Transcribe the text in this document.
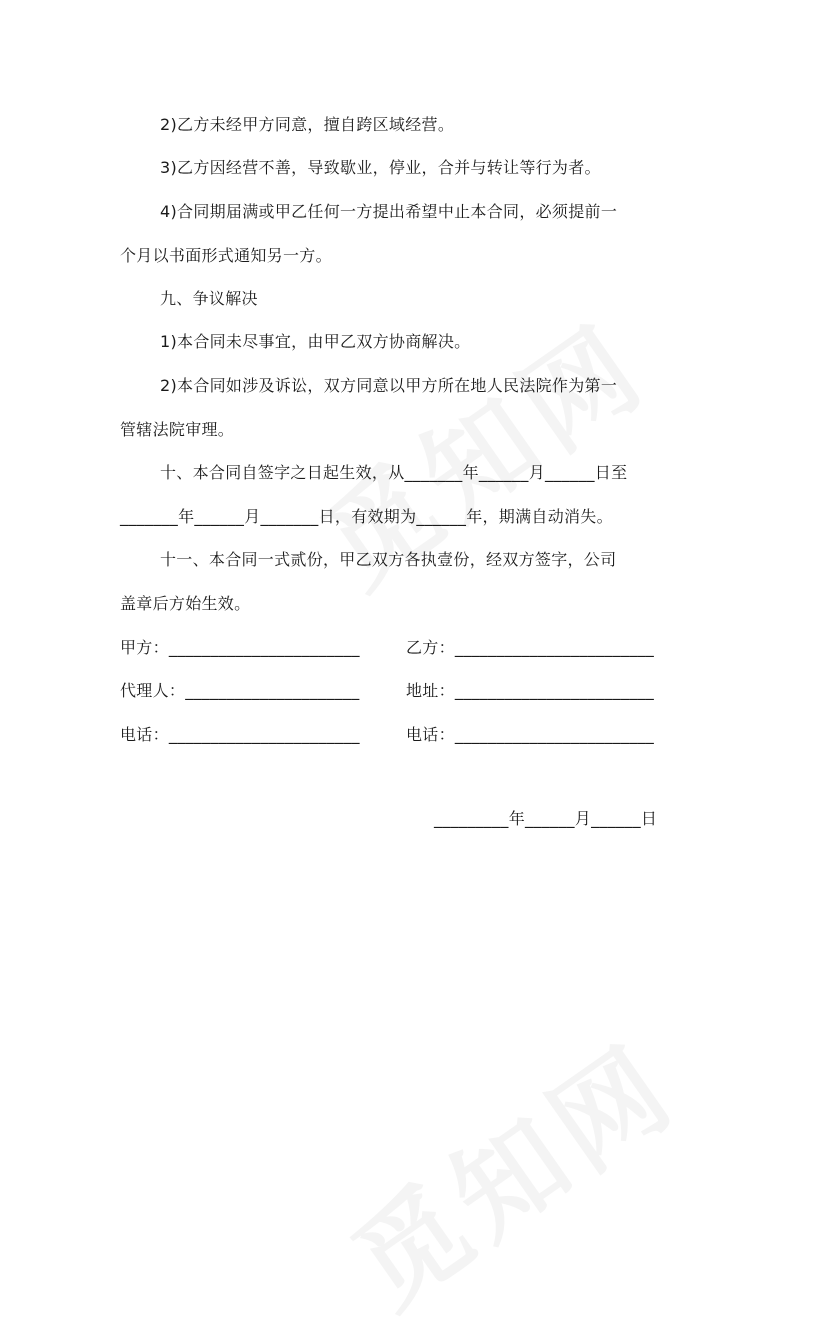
2)乙方未经甲方同意，擅自跨区域经营。
3)乙方因经营不善，导致歇业，停业，合并与转让等行为者。
4)合同期届满或甲乙任何一方提出希望中止本合同，必须提前一
个月以书面形式通知另一方。
九、争议解决
1)本合同未尽事宜，由甲乙双方协商解决。
2)本合同如涉及诉讼，双方同意以甲方所在地人民法院作为第一
管辖法院审理。
十、本合同自签字之日起生效，从_______年______月______日至
_______年______月_______日，有效期为______年，期满自动消失。
十一、本合同一式贰份，甲乙双方各执壹份，经双方签字，公司
盖章后方始生效。
甲方：_______________________	乙方：________________________
代理人：_____________________	地址：________________________
电话：_______________________	电话：________________________
_________年______月______日
